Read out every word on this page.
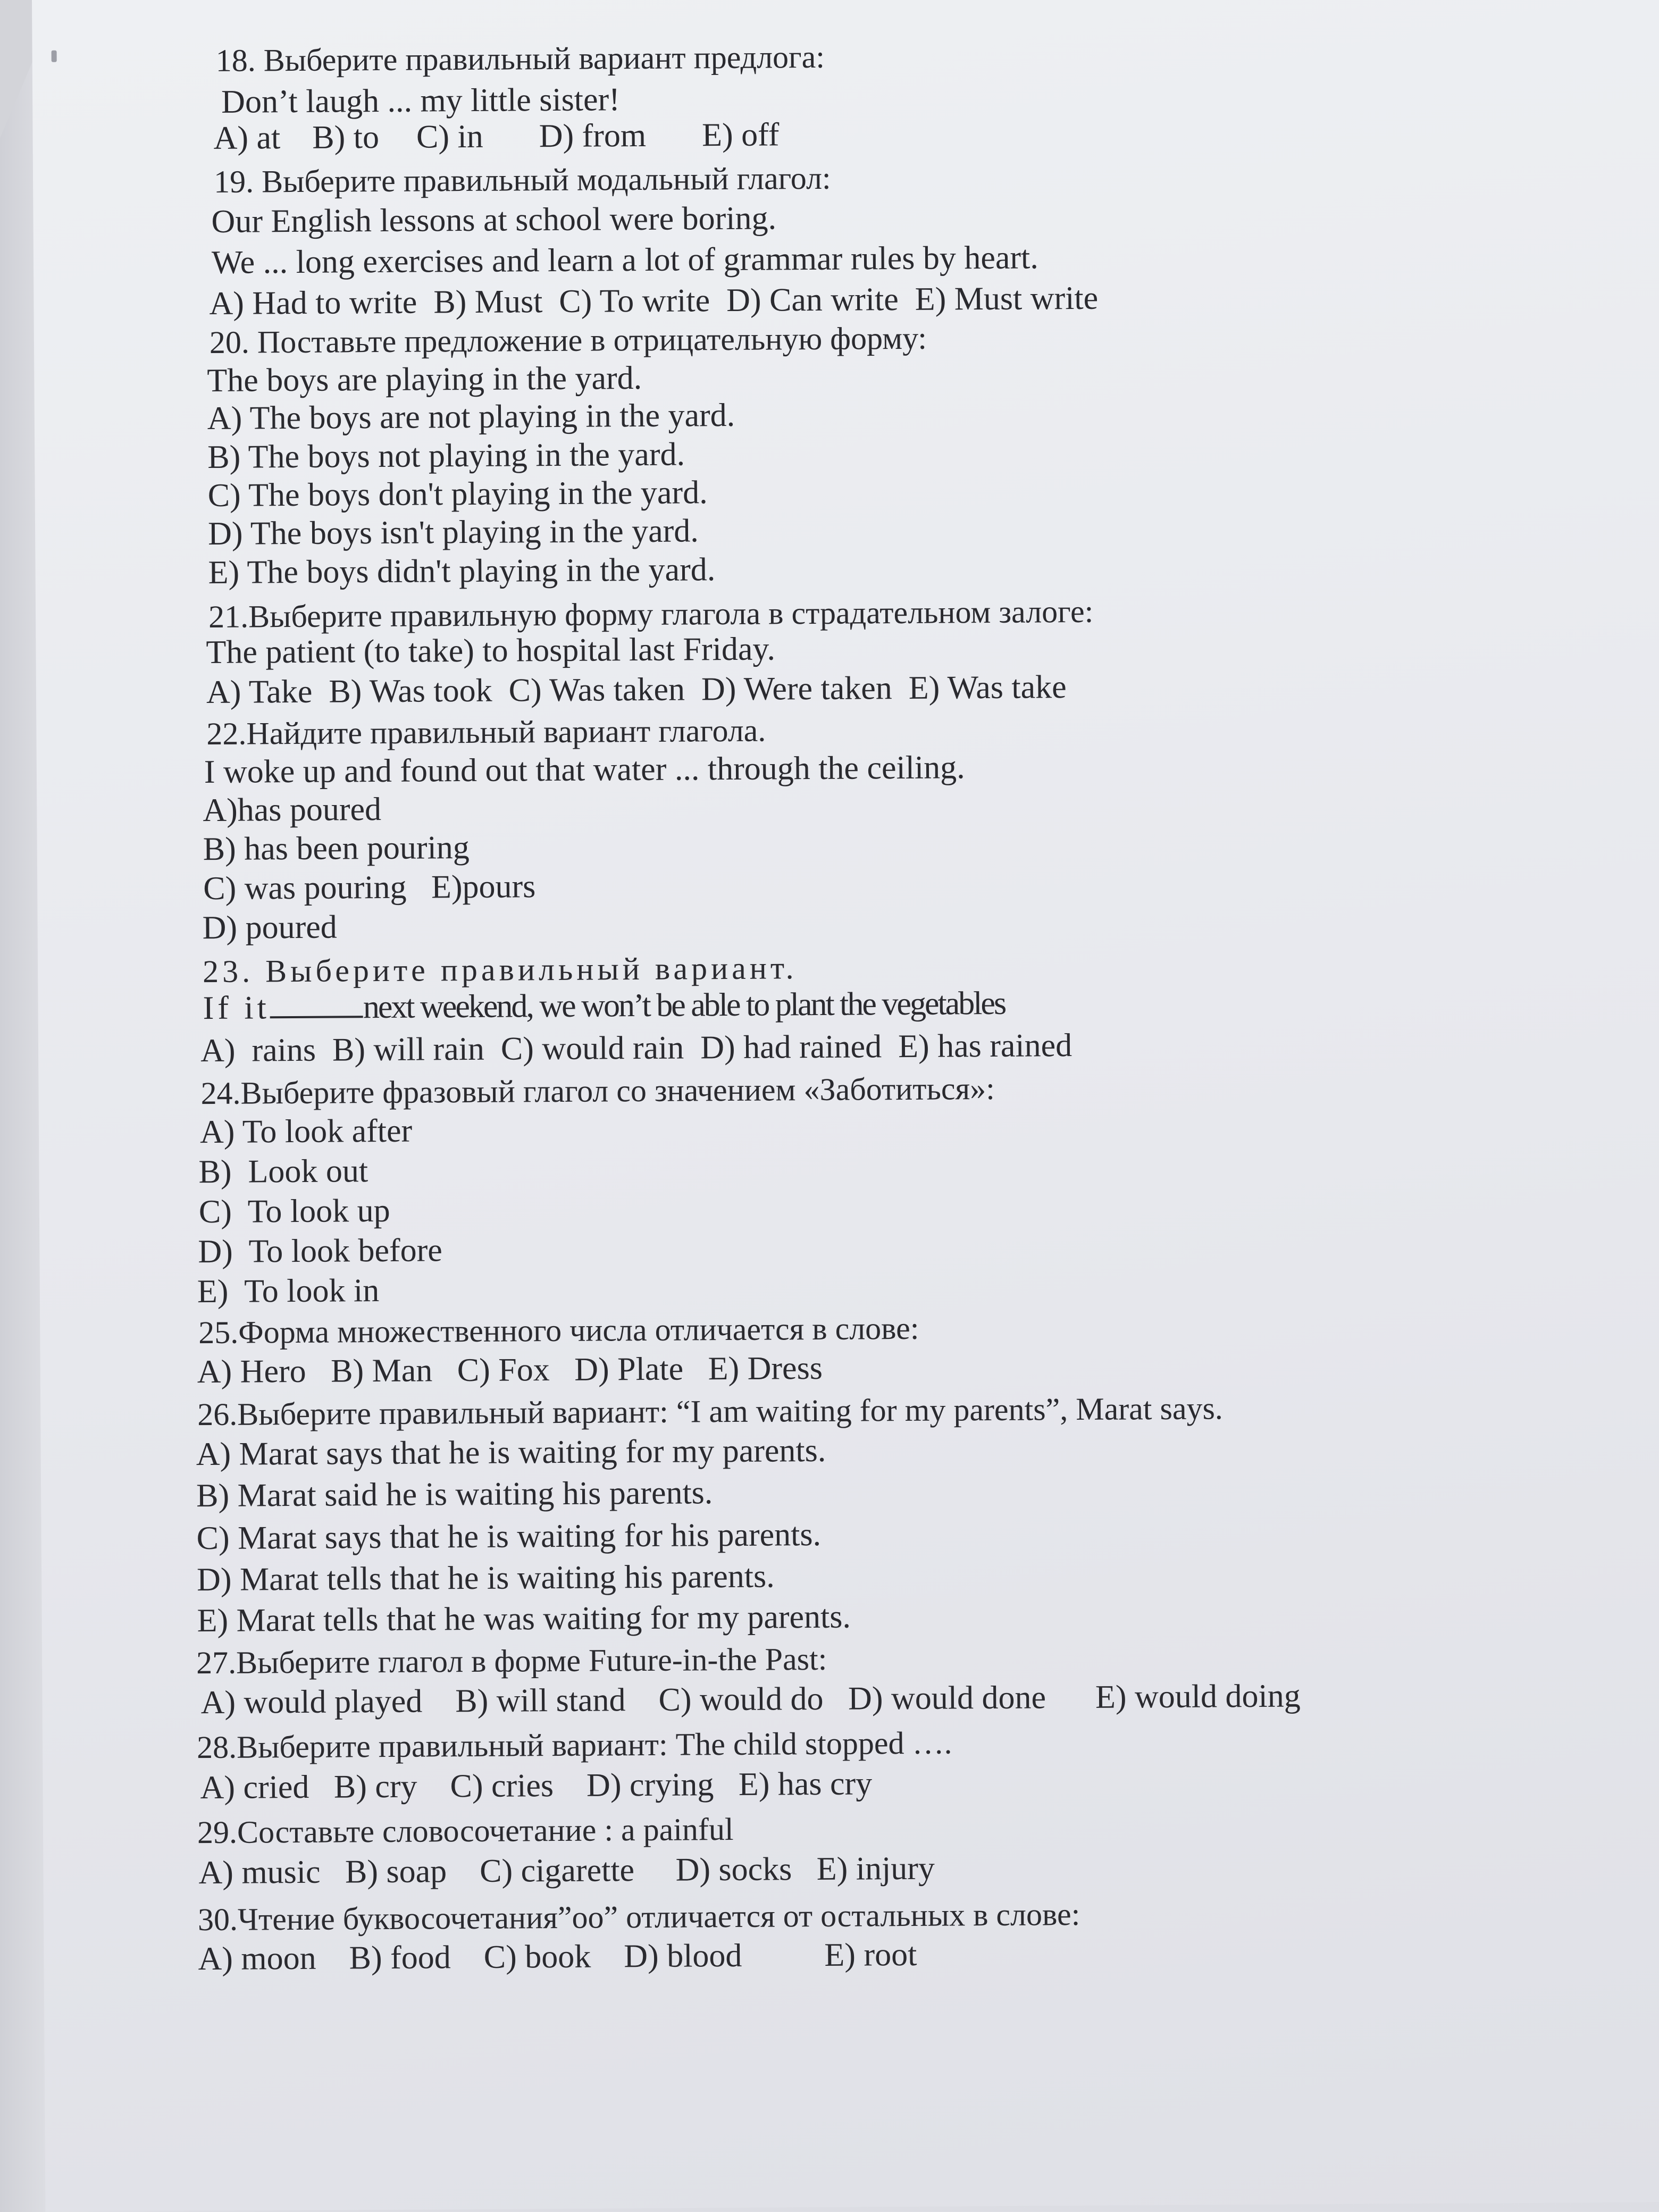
18. Выберите правильный вариант предлога:
Don’t laugh ... my little sister!
A) at B) to C) in D) from E) off
19. Выберите правильный модальный глагол:
Our English lessons at school were boring.
We ... long exercises and learn a lot of grammar rules by heart.
A) Had to write  B) Must  C) To write  D) Can write  E) Must write
20. Поставьте предложение в отрицательную форму:
The boys are playing in the yard.
A) The boys are not playing in the yard.
B) The boys not playing in the yard.
C) The boys don't playing in the yard.
D) The boys isn't playing in the yard.
E) The boys didn't playing in the yard.
21.Выберите правильную форму глагола в страдательном залоге:
The patient (to take) to hospital last Friday.
A) Take  B) Was took  C) Was taken  D) Were taken  E) Was take
22.Найдите правильный вариант глагола.
I woke up and found out that water ... through the ceiling.
A)has poured
B) has been pouring
C) was pouring   E)pours
D) poured
23. Выберите правильный вариант.
If it	next weekend, we won’t be able to plant the vegetables
A)  rains  B) will rain  C) would rain  D) had rained  E) has rained
24.Выберите фразовый глагол со значением «Заботиться»:
A) To look after
B)  Look out
C)  To look up
D)  To look before
E)  To look in
25.Форма множественного числа отличается в слове:
A) Hero   B) Man   C) Fox   D) Plate   E) Dress
26.Выберите правильный вариант: “I am waiting for my parents”, Marat says.
A) Marat says that he is waiting for my parents.
B) Marat said he is waiting his parents.
C) Marat says that he is waiting for his parents.
D) Marat tells that he is waiting his parents.
E) Marat tells that he was waiting for my parents.
27.Выберите глагол в форме Future-in-the Past:
A) would played    B) will stand    C) would do   D) would done      E) would doing
28.Выберите правильный вариант: The child stopped ….
A) cried   B) cry    C) cries    D) crying   E) has cry
29.Составьте словосочетание : a painful
A) music   B) soap    C) cigarette     D) socks   E) injury
30.Чтение буквосочетания”oo” отличается от остальных в слове:
A) moon    B) food    C) book    D) blood          E) root
